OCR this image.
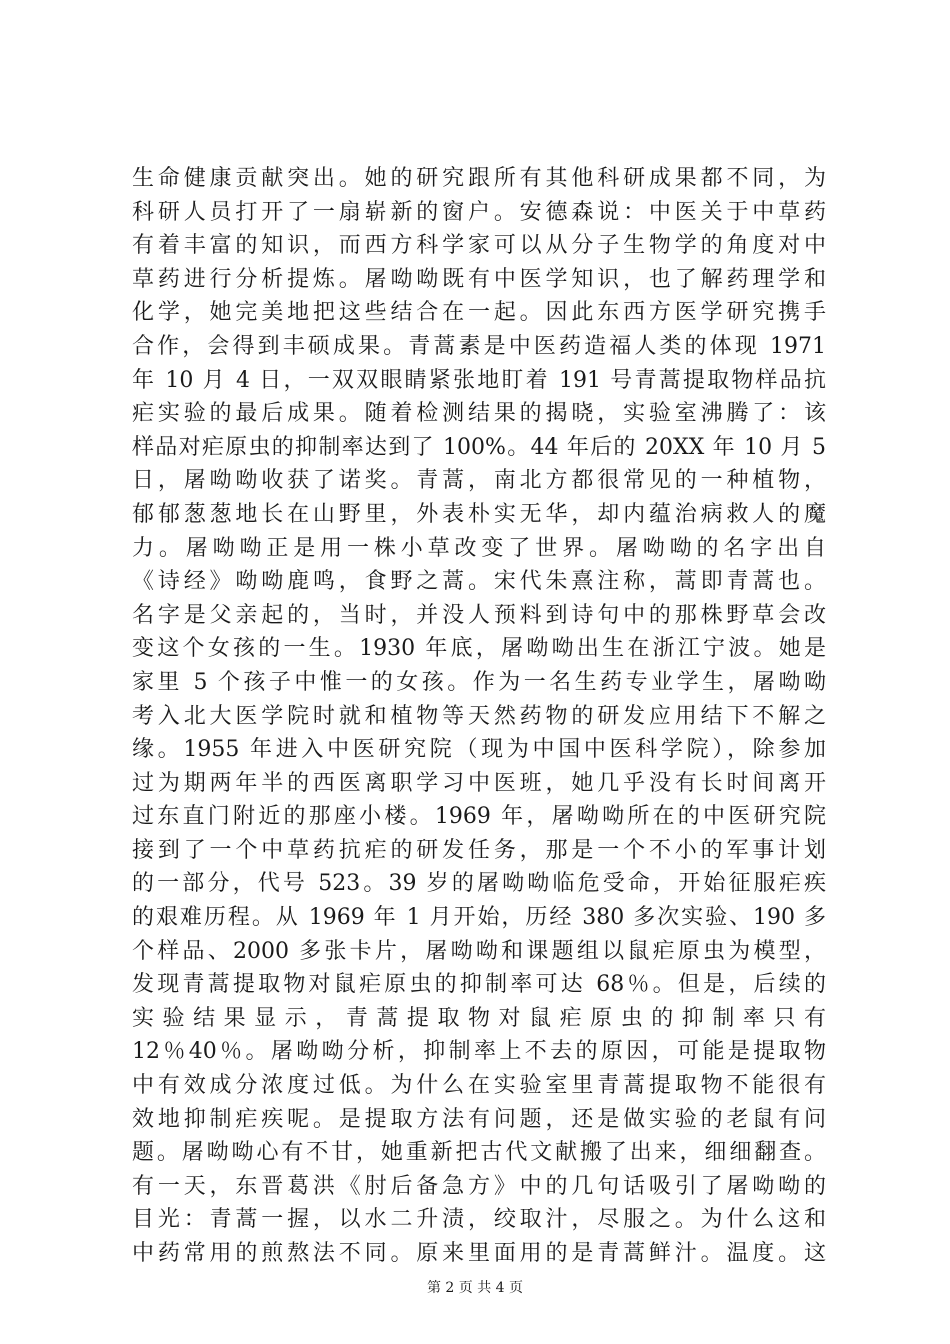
生命健康贡献突出。她的研究跟所有其他科研成果都不同，为
科研人员打开了一扇崭新的窗户。安德森说：中医关于中草药
有着丰富的知识，而西方科学家可以从分子生物学的角度对中
草药进行分析提炼。屠呦呦既有中医学知识，也了解药理学和
化学，她完美地把这些结合在一起。因此东西方医学研究携手
合作，会得到丰硕成果。青蒿素是中医药造福人类的体现 1971
年 10 月 4 日，一双双眼睛紧张地盯着 191 号青蒿提取物样品抗
疟实验的最后成果。随着检测结果的揭晓，实验室沸腾了：该
样品对疟原虫的抑制率达到了 100%。44 年后的 20XX 年 10 月 5
日，屠呦呦收获了诺奖。青蒿，南北方都很常见的一种植物，
郁郁葱葱地长在山野里，外表朴实无华，却内蕴治病救人的魔
力。屠呦呦正是用一株小草改变了世界。屠呦呦的名字出自
《诗经》呦呦鹿鸣，食野之蒿。宋代朱熹注称，蒿即青蒿也。
名字是父亲起的，当时，并没人预料到诗句中的那株野草会改
变这个女孩的一生。1930 年底，屠呦呦出生在浙江宁波。她是
家里 5 个孩子中惟一的女孩。作为一名生药专业学生，屠呦呦
考入北大医学院时就和植物等天然药物的研发应用结下不解之
缘。1955 年进入中医研究院（现为中国中医科学院），除参加
过为期两年半的西医离职学习中医班，她几乎没有长时间离开
过东直门附近的那座小楼。1969 年，屠呦呦所在的中医研究院
接到了一个中草药抗疟的研发任务，那是一个不小的军事计划
的一部分，代号 523。39 岁的屠呦呦临危受命，开始征服疟疾
的艰难历程。从 1969 年 1 月开始，历经 380 多次实验、190 多
个样品、2000 多张卡片，屠呦呦和课题组以鼠疟原虫为模型，
发现青蒿提取物对鼠疟原虫的抑制率可达 68％。但是，后续的
实验结果显示，青蒿提取物对鼠疟原虫的抑制率只有
12％40％。屠呦呦分析，抑制率上不去的原因，可能是提取物
中有效成分浓度过低。为什么在实验室里青蒿提取物不能很有
效地抑制疟疾呢。是提取方法有问题，还是做实验的老鼠有问
题。屠呦呦心有不甘，她重新把古代文献搬了出来，细细翻查。
有一天，东晋葛洪《肘后备急方》中的几句话吸引了屠呦呦的
目光：青蒿一握，以水二升渍，绞取汁，尽服之。为什么这和
中药常用的煎熬法不同。原来里面用的是青蒿鲜汁。温度。这
第 2 页 共 4 页
